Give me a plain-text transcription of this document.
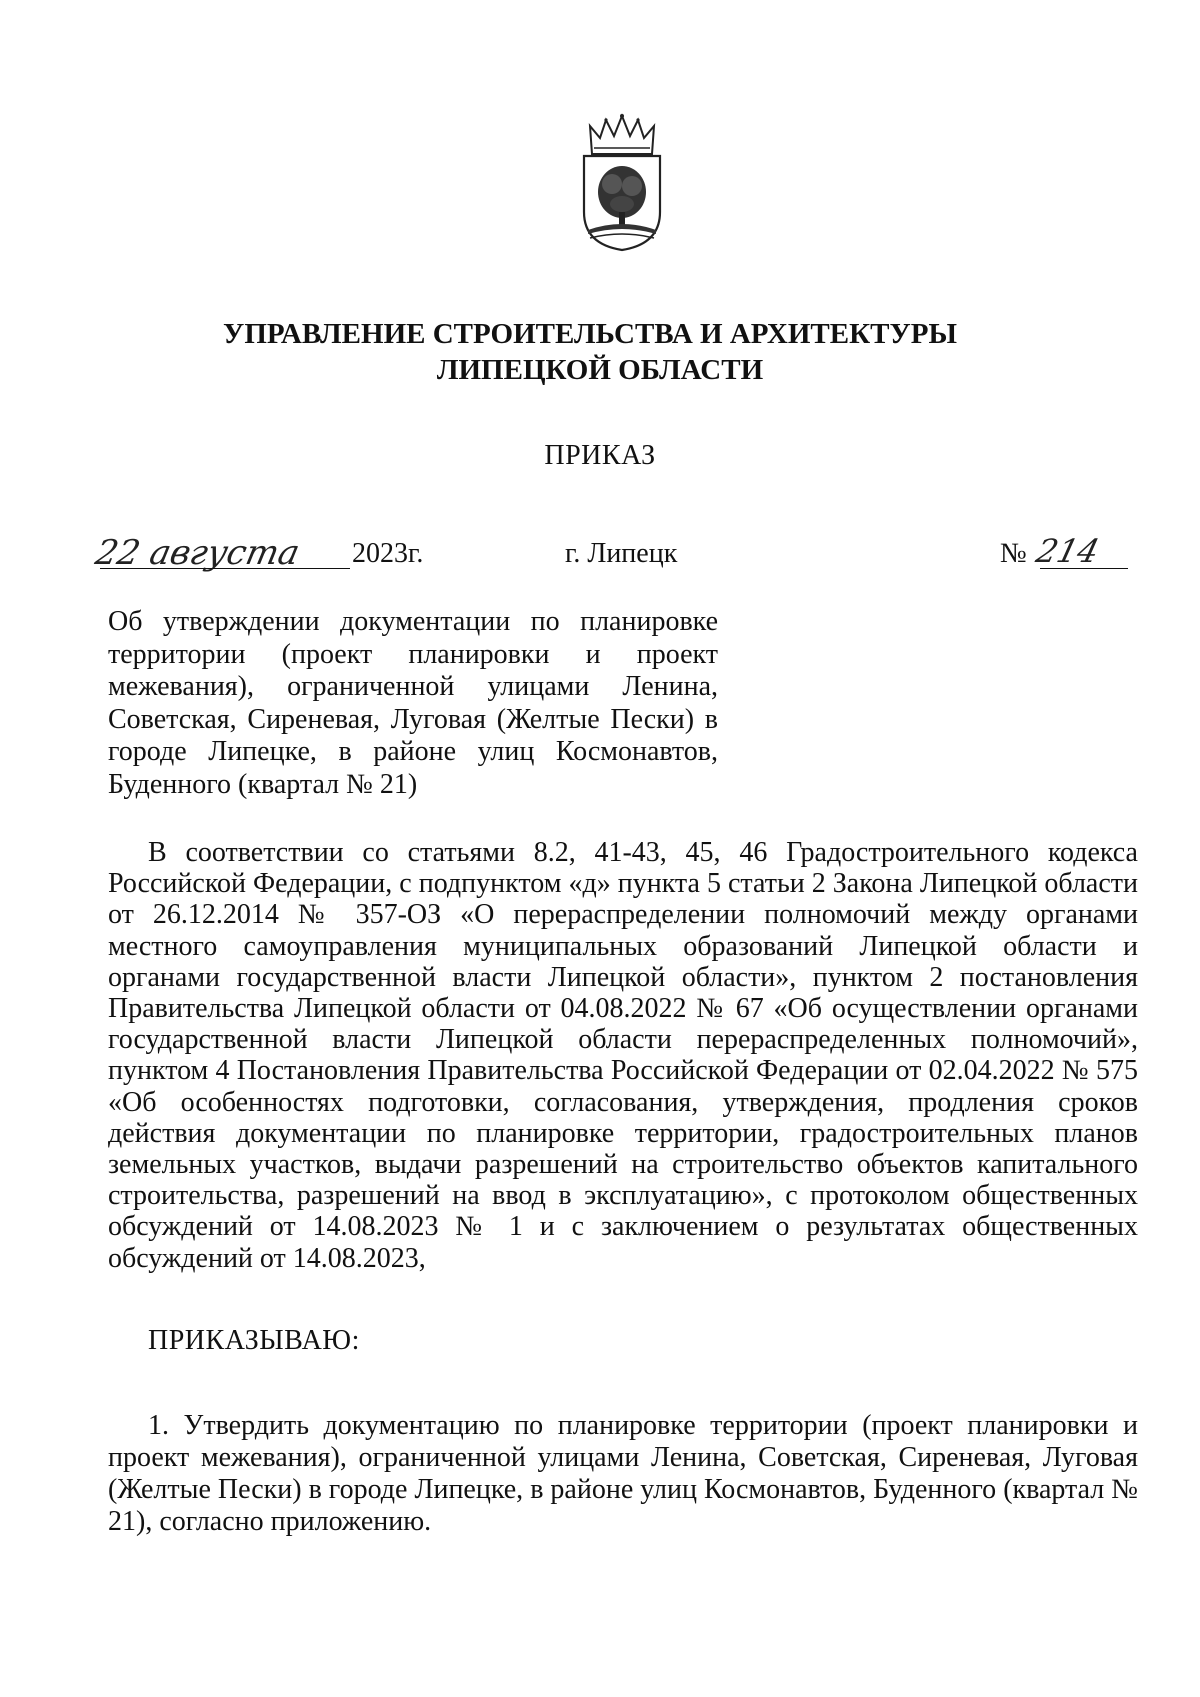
УПРАВЛЕНИЕ СТРОИТЕЛЬСТВА И АРХИТЕКТУРЫ
ЛИПЕЦКОЙ ОБЛАСТИ
ПРИКАЗ
22 августа 2023г.	г. Липецк	№ 214
Об утверждении документации по планировке территории (проект планировки и проект межевания), ограниченной улицами Ленина, Советская, Сиреневая, Луговая (Желтые Пески) в городе Липецке, в районе улиц Космонавтов, Буденного (квартал № 21)
В соответствии со статьями 8.2, 41-43, 45, 46 Градостроительного кодекса Российской Федерации, с подпунктом «д» пункта 5 статьи 2 Закона Липецкой области от 26.12.2014 № 357-ОЗ «О перераспределении полномочий между органами местного самоуправления муниципальных образований Липецкой области и органами государственной власти Липецкой области», пунктом 2 постановления Правительства Липецкой области от 04.08.2022 № 67 «Об осуществлении органами государственной власти Липецкой области перераспределенных полномочий», пунктом 4 Постановления Правительства Российской Федерации от 02.04.2022 № 575 «Об особенностях подготовки, согласования, утверждения, продления сроков действия документации по планировке территории, градостроительных планов земельных участков, выдачи разрешений на строительство объектов капитального строительства, разрешений на ввод в эксплуатацию», с протоколом общественных обсуждений от 14.08.2023 № 1 и с заключением о результатах общественных обсуждений от 14.08.2023,
ПРИКАЗЫВАЮ:
1. Утвердить документацию по планировке территории (проект планировки и проект межевания), ограниченной улицами Ленина, Советская, Сиреневая, Луговая (Желтые Пески) в городе Липецке, в районе улиц Космонавтов, Буденного (квартал № 21), согласно приложению.
